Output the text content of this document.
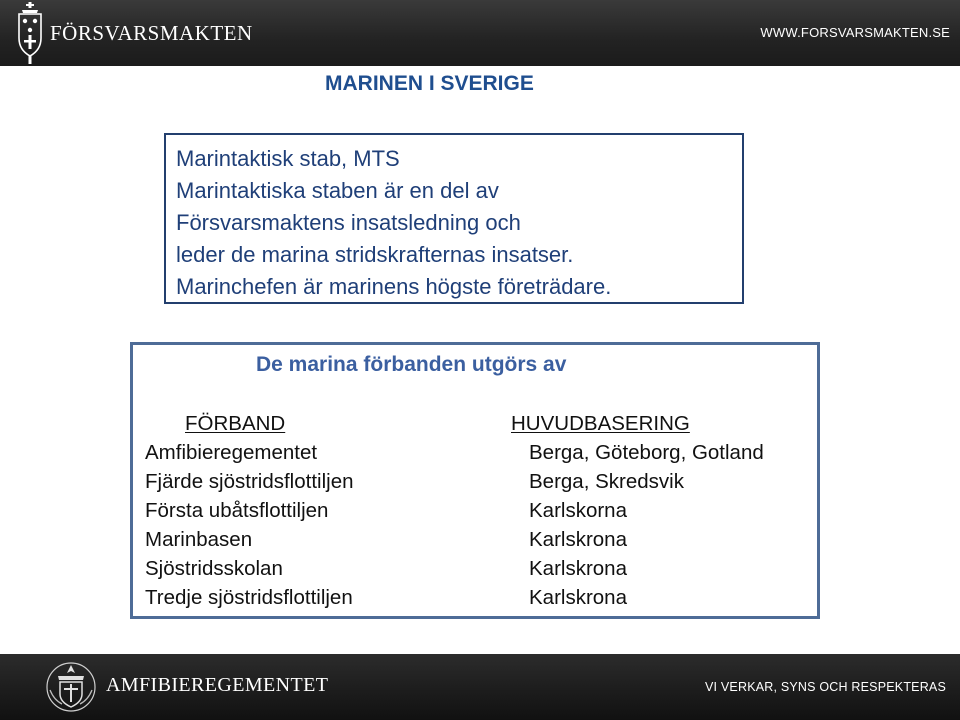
FÖRSVARSMAKTEN	WWW.FORSVARSMAKTEN.SE
MARINEN I SVERIGE

Marintaktisk stab, MTS

Marintaktiska staben är en del av

Försvarsmaktens insatsledning och

leder de marina stridskrafternas insatser.

Marinchefen är marinens högste företrädare.

De marina förbanden utgörs av
FÖRBAND
Amfibieregementet
Fjärde sjöstridsflottiljen
Första ubåtsflottiljen
Marinbasen
Sjöstridsskolan
Tredje sjöstridsflottiljen
HUVUDBASERING
Berga, Göteborg, Gotland
Berga, Skredsvik
Karlskorna
Karlskrona
Karlskrona
Karlskrona
AMFIBIEREGEMENTET	VI VERKAR, SYNS OCH RESPEKTERAS
